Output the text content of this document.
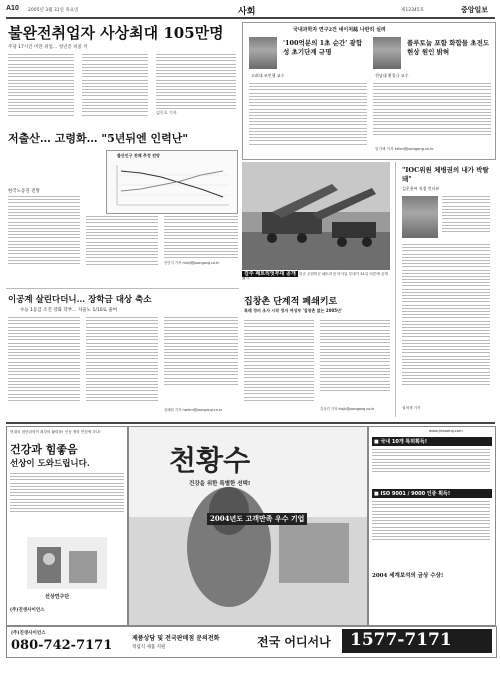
A10 2005년 3월 31일 목요일	사회	제12345호	중앙일보
불완전취업자 사상최대 105만명
주당 17시간 미만 취업… 청년층 비중 커
김동호 기자
국내과학자 연구2건 네이처誌 나란히 실려
'100억분의 1초 순간' 광합성 초기단계 규명
고려대 조민행 교수
플루토늄 포함 화합물 초전도현상 원인 밝혀
전남대 황창규 교수
임기택 기자 ktlim@joongang.co.kr
저출산… 고령화… "5년뒤엔 인력난"
한국노동연 전망
출산인구 전체 추정 전망
송민지 기자 minji@joongang.co.kr
검주 패트리엇부대 공개 미군 주한미군 패트리엇 미사일 부대가 31일 언론에 공개됐다.
"IOC위원 체병권의 내가 박탈돼"
김운용씨 직접 인터뷰
권혁재 기자
이공계 살린다더니… 장학금 대상 축소
수능 1등급 조건 강화 학부… 자율노 1/10로 줄여
김혜원 기자 hwkim@joongang.co.kr
집창촌 단계적 폐쇄키로
특례 정비 조사 시작 정자 여성부 '집창촌 없는 2005년'
김상진 기자 klsjk@joongang.co.kr
현대의 첨단과학이 최강의 활력을! 선상 정력 만점에 하나!
건강과 힘좋음
선상이 도와드립니다.
선상연구단
(주)진생사이언스
천황수
건강을 위한 특별한 선택!
2004년도 고객만족 우수 기업
www.jinsaeng.com
■ 국내 10개 특허획득!
■ ISO 9001 / 9000 인증 획득!
2004 세계보석의 금상 수상!
(주)진생사이언스
080-742-7171	제품상담 및 전국판매점 문의전화
적립식 제품 지원	전국 어디서나 1577-7171
